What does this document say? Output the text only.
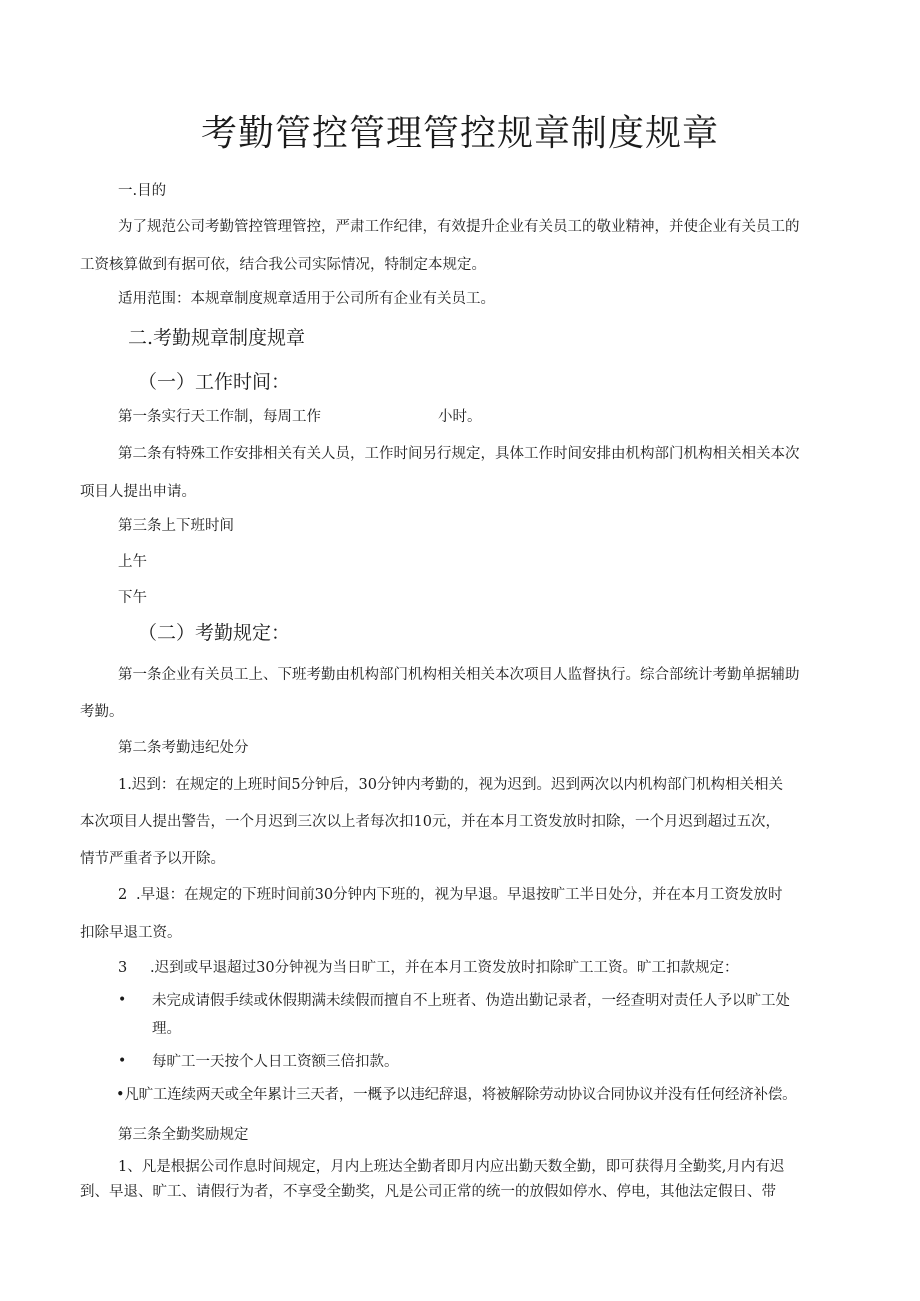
考勤管控管理管控规章制度规章
一.目的
为了规范公司考勤管控管理管控，严肃工作纪律，有效提升企业有关员工的敬业精神，并使企业有关员工的
工资核算做到有据可依，结合我公司实际情况，特制定本规定。
适用范围：本规章制度规章适用于公司所有企业有关员工。
二.考勤规章制度规章
（一）工作时间：
第一条实行天工作制，每周工作	小时。
第二条有特殊工作安排相关有关人员，工作时间另行规定，具体工作时间安排由机构部门机构相关相关本次
项目人提出申请。
第三条上下班时间
上午
下午
（二）考勤规定：
第一条企业有关员工上、下班考勤由机构部门机构相关相关本次项目人监督执行。综合部统计考勤单据辅助
考勤。
第二条考勤违纪处分
1.迟到：在规定的上班时间5分钟后，30分钟内考勤的，视为迟到。迟到两次以内机构部门机构相关相关
本次项目人提出警告，一个月迟到三次以上者每次扣10元，并在本月工资发放时扣除，一个月迟到超过五次，
情节严重者予以开除。
2 .早退：在规定的下班时间前30分钟内下班的，视为早退。早退按旷工半日处分，并在本月工资发放时
扣除早退工资。
3 .迟到或早退超过30分钟视为当日旷工，并在本月工资发放时扣除旷工工资。旷工扣款规定：
• 未完成请假手续或休假期满未续假而擅自不上班者、伪造出勤记录者，一经查明对责任人予以旷工处
理。
• 每旷工一天按个人日工资额三倍扣款。
•凡旷工连续两天或全年累计三天者，一概予以违纪辞退，将被解除劳动协议合同协议并没有任何经济补偿。
第三条全勤奖励规定
1、凡是根据公司作息时间规定，月内上班达全勤者即月内应出勤天数全勤，即可获得月全勤奖,月内有迟
到、早退、旷工、请假行为者，不享受全勤奖，凡是公司正常的统一的放假如停水、停电，其他法定假日、带
